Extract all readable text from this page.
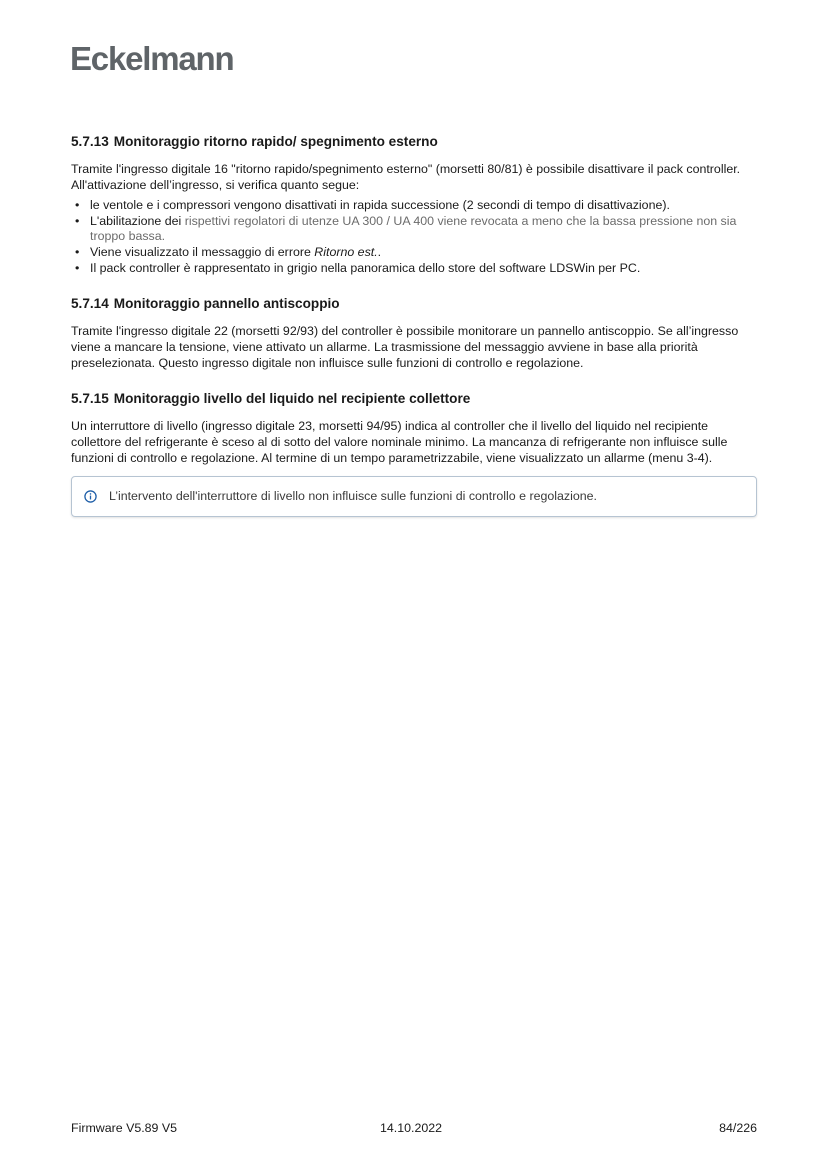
Eckelmann
5.7.13 Monitoraggio ritorno rapido/ spegnimento esterno

Tramite l'ingresso digitale 16 "ritorno rapido/spegnimento esterno" (morsetti 80/81) è possibile disattivare il pack controller. All'attivazione dell’ingresso, si verifica quanto segue:

• le ventole e i compressori vengono disattivati in rapida successione (2 secondi di tempo di disattivazione).
• L'abilitazione dei rispettivi regolatori di utenze UA 300 / UA 400 viene revocata a meno che la bassa pressione non sia troppo bassa.
• Viene visualizzato il messaggio di errore Ritorno est..
• Il pack controller è rappresentato in grigio nella panoramica dello store del software LDSWin per PC.
5.7.14 Monitoraggio pannello antiscoppio

Tramite l'ingresso digitale 22 (morsetti 92/93) del controller è possibile monitorare un pannello antiscoppio. Se all’ingresso viene a mancare la tensione, viene attivato un allarme. La trasmissione del messaggio avviene in base alla priorità preselezionata. Questo ingresso digitale non influisce sulle funzioni di controllo e regolazione.

5.7.15 Monitoraggio livello del liquido nel recipiente collettore

Un interruttore di livello (ingresso digitale 23, morsetti 94/95) indica al controller che il livello del liquido nel recipiente collettore del refrigerante è sceso al di sotto del valore nominale minimo. La mancanza di refrigerante non influisce sulle funzioni di controllo e regolazione. Al termine di un tempo parametrizzabile, viene visualizzato un allarme (menu 3-4).

L’intervento dell'interruttore di livello non influisce sulle funzioni di controllo e regolazione.
Firmware V5.89 V5	14.10.2022	84/226
